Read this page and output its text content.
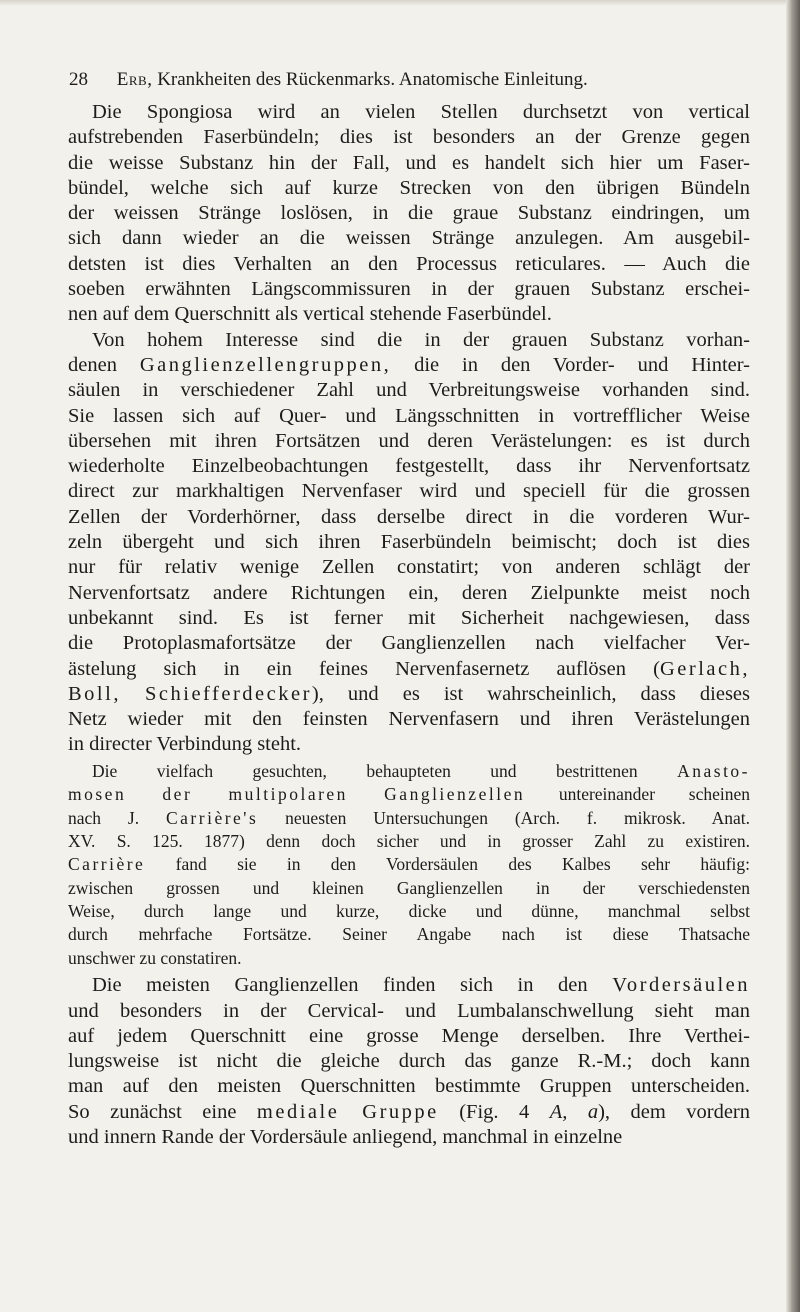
28 Erb, Krankheiten des Rückenmarks. Anatomische Einleitung.
Die Spongiosa wird an vielen Stellen durchsetzt von vertical
aufstrebenden Faserbündeln; dies ist besonders an der Grenze gegen
die weisse Substanz hin der Fall, und es handelt sich hier um Faser-
bündel, welche sich auf kurze Strecken von den übrigen Bündeln
der weissen Stränge loslösen, in die graue Substanz eindringen, um
sich dann wieder an die weissen Stränge anzulegen. Am ausgebil-
detsten ist dies Verhalten an den Processus reticulares. — Auch die
soeben erwähnten Längscommissuren in der grauen Substanz erschei-
nen auf dem Querschnitt als vertical stehende Faserbündel.
Von hohem Interesse sind die in der grauen Substanz vorhan-
denen Ganglienzellengruppen, die in den Vorder- und Hinter-
säulen in verschiedener Zahl und Verbreitungsweise vorhanden sind.
Sie lassen sich auf Quer- und Längsschnitten in vortrefflicher Weise
übersehen mit ihren Fortsätzen und deren Verästelungen: es ist durch
wiederholte Einzelbeobachtungen festgestellt, dass ihr Nervenfortsatz
direct zur markhaltigen Nervenfaser wird und speciell für die grossen
Zellen der Vorderhörner, dass derselbe direct in die vorderen Wur-
zeln übergeht und sich ihren Faserbündeln beimischt; doch ist dies
nur für relativ wenige Zellen constatirt; von anderen schlägt der
Nervenfortsatz andere Richtungen ein, deren Zielpunkte meist noch
unbekannt sind. Es ist ferner mit Sicherheit nachgewiesen, dass
die Protoplasmafortsätze der Ganglienzellen nach vielfacher Ver-
ästelung sich in ein feines Nervenfasernetz auflösen (Gerlach,
Boll, Schiefferdecker), und es ist wahrscheinlich, dass dieses
Netz wieder mit den feinsten Nervenfasern und ihren Verästelungen
in directer Verbindung steht.
Die vielfach gesuchten, behaupteten und bestrittenen Anasto-
mosen der multipolaren Ganglienzellen untereinander scheinen
nach J. Carrière's neuesten Untersuchungen (Arch. f. mikrosk. Anat.
XV. S. 125. 1877) denn doch sicher und in grosser Zahl zu existiren.
Carrière fand sie in den Vordersäulen des Kalbes sehr häufig:
zwischen grossen und kleinen Ganglienzellen in der verschiedensten
Weise, durch lange und kurze, dicke und dünne, manchmal selbst
durch mehrfache Fortsätze. Seiner Angabe nach ist diese Thatsache
unschwer zu constatiren.
Die meisten Ganglienzellen finden sich in den Vordersäulen
und besonders in der Cervical- und Lumbalanschwellung sieht man
auf jedem Querschnitt eine grosse Menge derselben. Ihre Verthei-
lungsweise ist nicht die gleiche durch das ganze R.-M.; doch kann
man auf den meisten Querschnitten bestimmte Gruppen unterscheiden.
So zunächst eine mediale Gruppe (Fig. 4 A, a), dem vordern
und innern Rande der Vordersäule anliegend, manchmal in einzelne
